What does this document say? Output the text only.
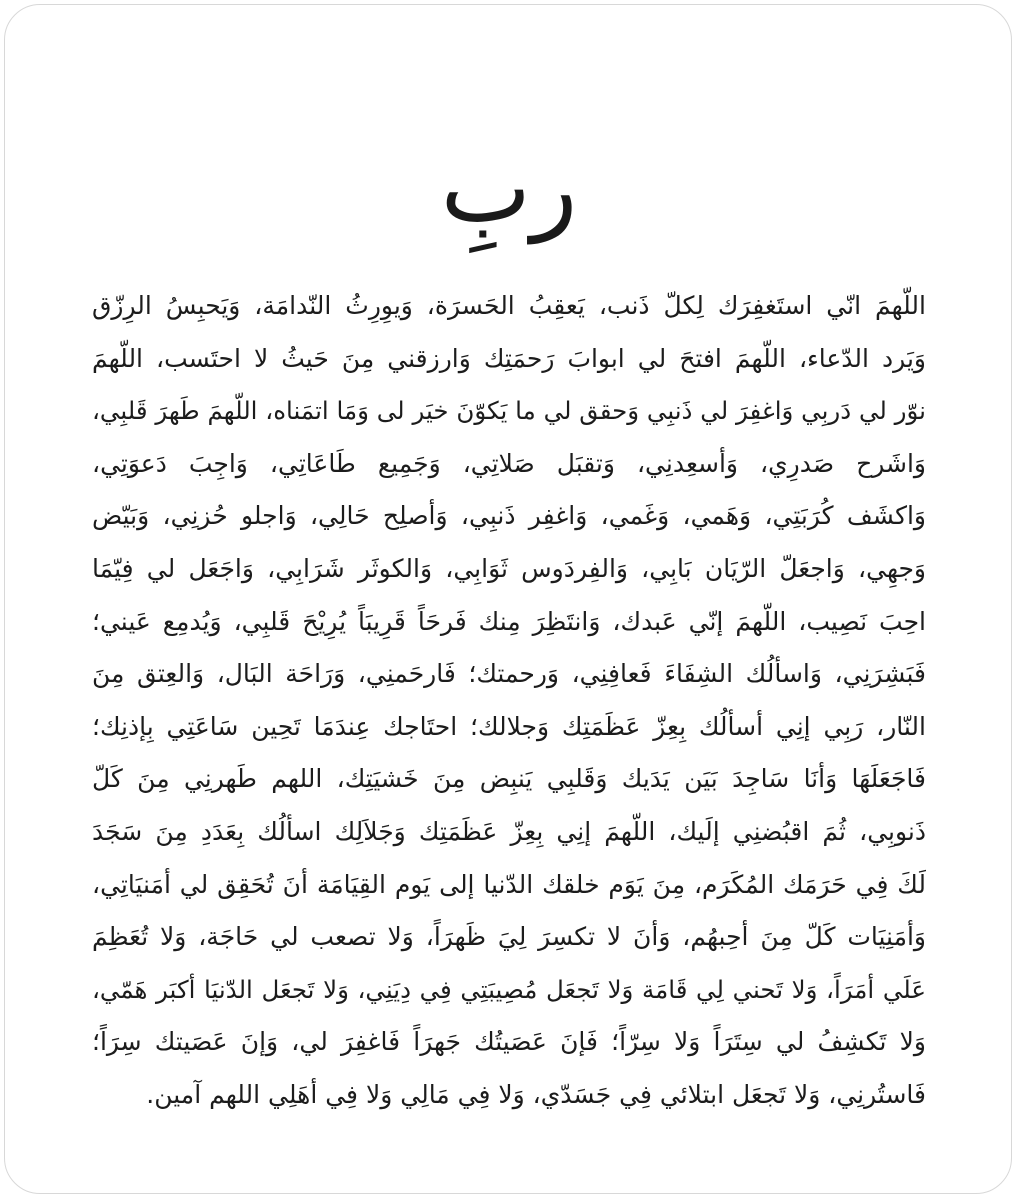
ربِ
اللّهمَ انّي استَغفِرَك لِكلّ ذَنب، يَعقِبُ الحَسرَة، وَيوِرِثُ النّدامَة، وَيَحبِسُ الرِزّق
وَيَرد الدّعاء، اللّهمَ افتحَ لي ابوابَ رَحمَتِك وَارزقني مِنَ حَيثُ لا احتَسب، اللّهمَ
نوّر لي دَربِي وَاغفِرَ لي ذَنبِي وَحقق لي ما يَكوّنَ خيَر لى وَمَا اتمَناه، اللّهمَ طَهرَ قَلبِي،
وَاشَرح صَدرِي، وَأسعِدنِي، وَتقبَل صَلاتِي، وَجَمِيع طَاعَاتِي، وَاجِبَ دَعوَتِي،
وَاكشَف كُرَبَتِي، وَهَمي، وَغَمي، وَاغفِر ذَنبِي، وَأصلِح حَالِي، وَاجلو حُزنِي، وَبَيّض
وَجهِي، وَاجعَلّ الرّيَان بَابِي، وَالفِردَوس ثَوَابِي، وَالكوثَر شَرَابِي، وَاجَعَل لي فِيّمَا
احِبَ نَصِيب، اللّهمَ إنّي عَبدك، وَانتَظِرَ مِنك فَرحَاً قَرِيبَاً يُرِيْحَ قَلبِي، وَيُدمِع عَيني؛
فَبَشِرَنِي، وَاسألُك الشِفَاءَ فَعافِنِي، وَرحمتك؛ فَارحَمنِي، وَرَاحَة البَال، وَالعِتق مِنَ
النّار، رَبِي إنِي أسألُك بِعِزّ عَظَمَتِك وَجلالك؛ احتَاجك عِندَمَا تَحِين سَاعَتِي بِإذنِك؛
فَاجَعَلَهَا وَأنَا سَاجِدَ بَيَن يَدَيك وَقَلبِي يَنبِض مِنَ خَشيَتِك، اللهم طَهرنِي مِنَ كَلّ
ذَنوبِي، ثُمَ اقبُضنِي إلَيك، اللّهمَ إنِي بِعِزّ عَظَمَتِك وَجَلاَلِك اسألُك بِعَدَدِ مِنَ سَجَدَ
لَكَ فِي حَرَمَك المُكَرَم، مِنَ يَوَم خلقك الدّنيا إلى يَوم القِيَامَة أنَ تُحَقِق لي أمَنيَاتِي،
وَأمَنِيَات كَلّ مِنَ أحِبهُم، وَأنَ لا تكسِرَ لِيَ ظَهرَاً، وَلا تصعب لي حَاجَة، وَلا تُعَظِمَ
عَلَي أمَرَاً، وَلا تَحني لِي قَامَة وَلا تَجعَل مُصِيبَتِي فِي دِيَنِي، وَلا تَجعَل الدّنيَا أكبَر هَمّي،
وَلا تَكشِفُ لي سِتَرَاً وَلا سِرّاً؛ فَإنَ عَصَيتُك جَهرَاً فَاغفِرَ لي، وَإنَ عَصَيتك سِرَاً؛
فَاستُرنِي، وَلا تَجعَل ابتلائي فِي جَسَدّي، وَلا فِي مَالِي وَلا فِي أهَلِي اللهم آمين.
